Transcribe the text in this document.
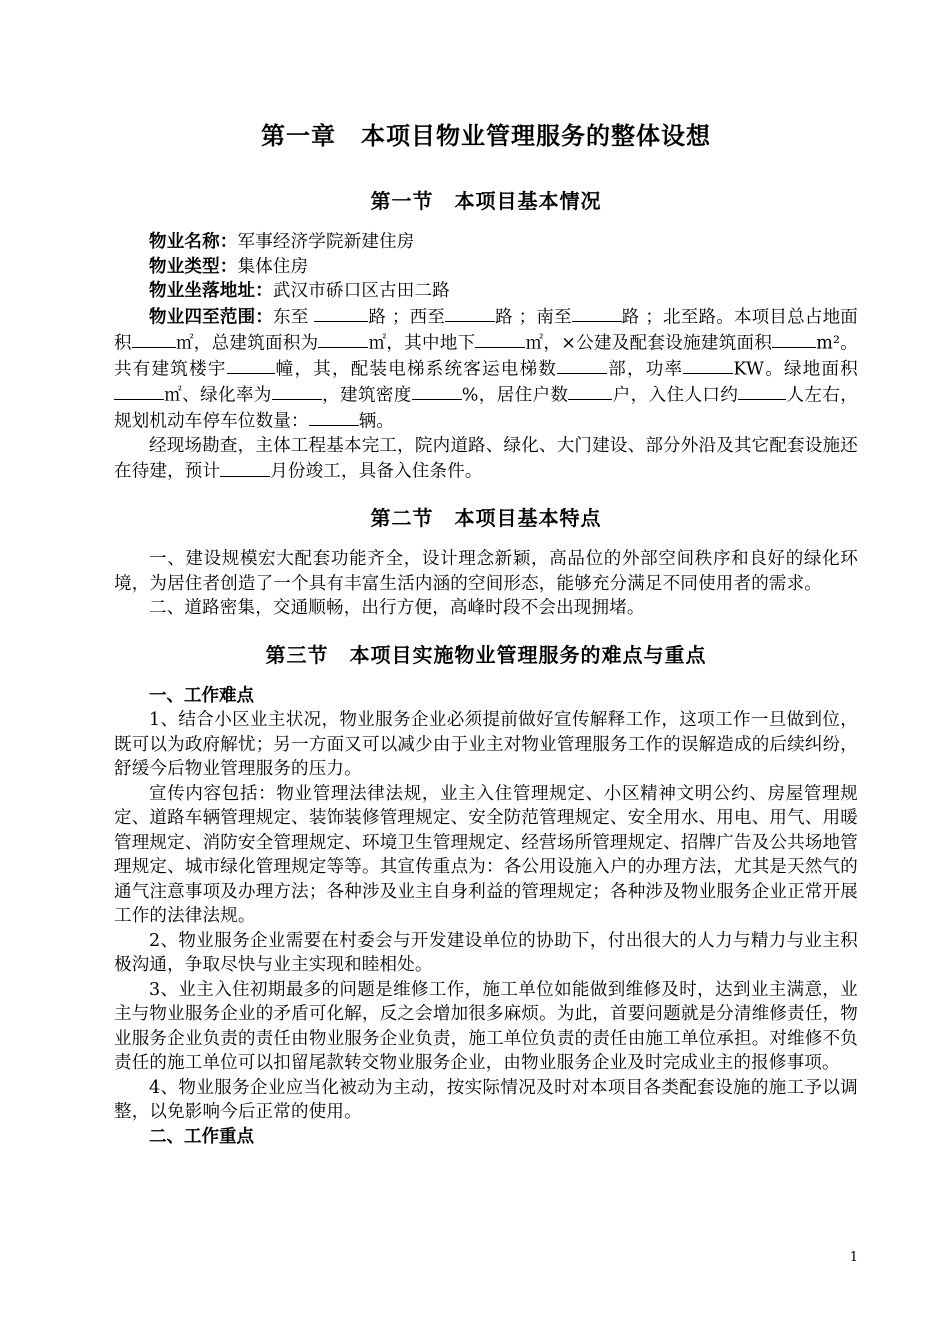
第一章　本项目物业管理服务的整体设想
第一节　本项目基本情况

物业名称：军事经济学院新建住房

物业类型：集体住房

物业坐落地址：武汉市硚口区古田二路

物业四至范围：东至	路 ；西至	路 ；南至	路 ；北至路。本项目总占地面积	㎡，总建筑面积为	㎡，其中地下	㎡，×公建及配套设施建筑面积	m²。共有建筑楼宇	幢，其，配装电梯系统客运电梯数	部，功率	KW。绿地面积㎡、绿化率为	，建筑密度	%，居住户数	户，入住人口约	人左右，规划机动车停车位数量：	辆。

经现场勘查，主体工程基本完工，院内道路、绿化、大门建设、部分外沿及其它配套设施还在待建，预计	月份竣工，具备入住条件。

第二节　本项目基本特点

一、建设规模宏大配套功能齐全，设计理念新颖，高品位的外部空间秩序和良好的绿化环境，为居住者创造了一个具有丰富生活内涵的空间形态，能够充分满足不同使用者的需求。

二、道路密集，交通顺畅，出行方便，高峰时段不会出现拥堵。

第三节　本项目实施物业管理服务的难点与重点

一、工作难点

1、结合小区业主状况，物业服务企业必须提前做好宣传解释工作，这项工作一旦做到位，既可以为政府解忧；另一方面又可以减少由于业主对物业管理服务工作的误解造成的后续纠纷，舒缓今后物业管理服务的压力。

宣传内容包括：物业管理法律法规，业主入住管理规定、小区精神文明公约、房屋管理规定、道路车辆管理规定、装饰装修管理规定、安全防范管理规定、安全用水、用电、用气、用暖管理规定、消防安全管理规定、环境卫生管理规定、经营场所管理规定、招牌广告及公共场地管理规定、城市绿化管理规定等等。其宣传重点为：各公用设施入户的办理方法，尤其是天然气的通气注意事项及办理方法；各种涉及业主自身利益的管理规定；各种涉及物业服务企业正常开展工作的法律法规。

2、物业服务企业需要在村委会与开发建设单位的协助下，付出很大的人力与精力与业主积极沟通，争取尽快与业主实现和睦相处。

3、业主入住初期最多的问题是维修工作，施工单位如能做到维修及时，达到业主满意，业主与物业服务企业的矛盾可化解，反之会增加很多麻烦。为此，首要问题就是分清维修责任，物业服务企业负责的责任由物业服务企业负责，施工单位负责的责任由施工单位承担。对维修不负责任的施工单位可以扣留尾款转交物业服务企业，由物业服务企业及时完成业主的报修事项。

4、物业服务企业应当化被动为主动，按实际情况及时对本项目各类配套设施的施工予以调整，以免影响今后正常的使用。

二、工作重点

1
